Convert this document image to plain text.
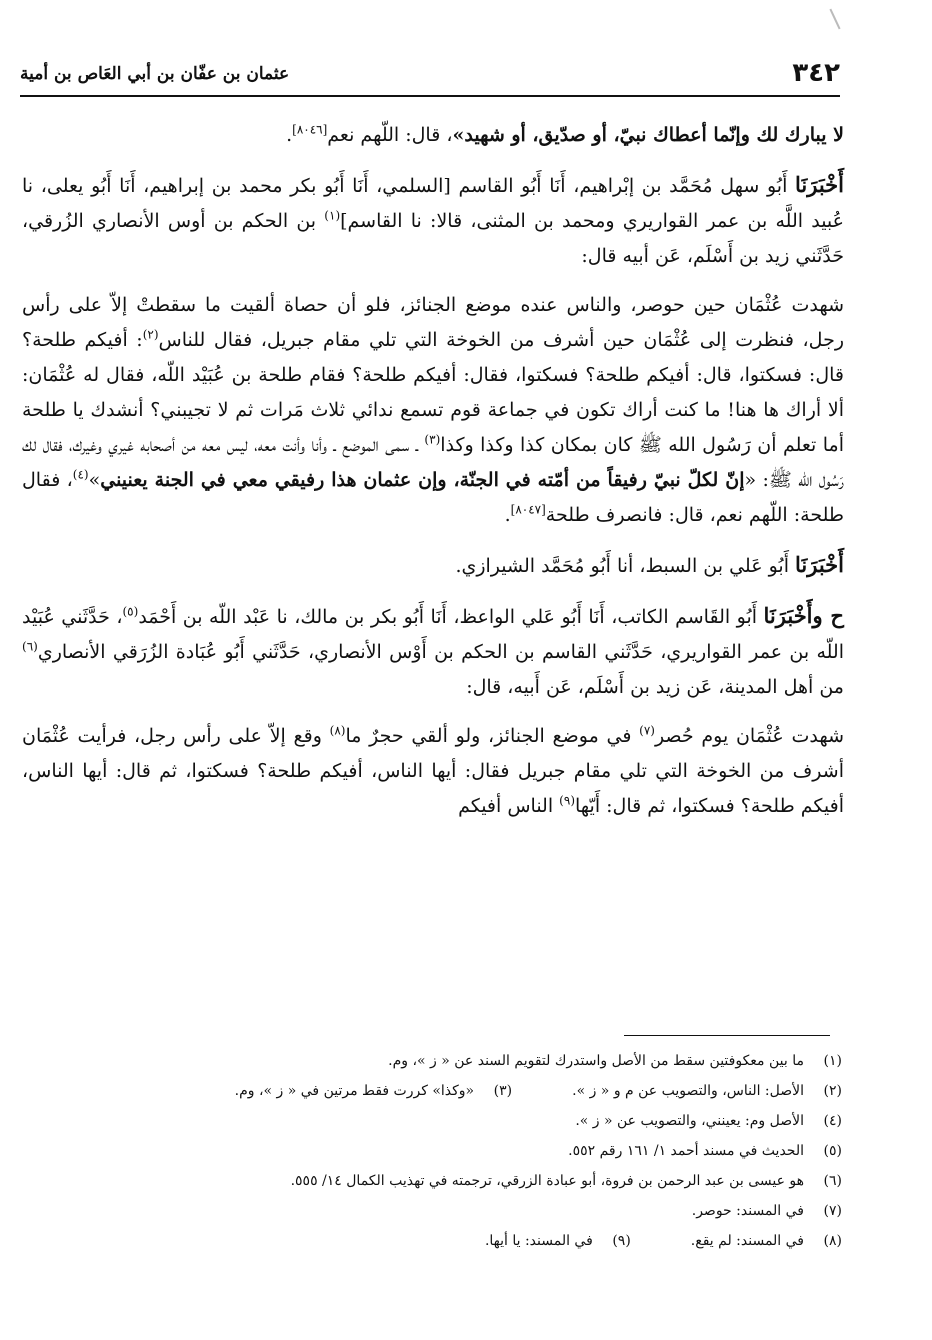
٣٤٢
عثمان بن عفّان بن أبي العَاص بن أمية

لا يبارك لك وإنّما أعطاك نبيّ، أو صدّيق، أو شهيد»، قال: اللّهم نعم[٨٠٤٦].

أَخْبَرَنَا أَبُو سهل مُحَمَّد بن إبْراهيم، أَنَا أَبُو القاسم [السلمي، أَنَا أَبُو بكر محمد بن إبراهيم، أَنَا أَبُو يعلى، نا عُبيد اللَّه بن عمر القواريري ومحمد بن المثنى، قالا: نا القاسم]$^{(١)}$ بن الحكم بن أوس الأنصاري الزُرقي، حَدَّثَني زيد بن أَسْلَم، عَن أبيه قال:

شهدت عُثْمَان حين حوصر، والناس عنده موضع الجنائز، فلو أن حصاة ألقيت ما سقطتْ إلاّ على رأس رجل، فنظرت إلى عُثْمَان حين أشرف من الخوخة التي تلي مقام جبريل، فقال للناس$^{(٢)}$: أفيكم طلحة؟ قال: فسكتوا، قال: أفيكم طلحة؟ فسكتوا، فقال: أفيكم طلحة؟ فقام طلحة بن عُبَيْد اللّه، فقال له عُثْمَان: ألا أراك ها هنا! ما كنت أراك تكون في جماعة قوم تسمع ندائي ثلاث مَرات ثم لا تجيبني؟ أنشدك يا طلحة أما تعلم أن رَسُول الله ﷺ كان بمكان كذا وكذا وكذا$^{(٣)}$ ـ سمى الموضع ـ وأنا وأنت معه، ليس معه من أصحابه غيري وغيرك، فقال لك رَسُول الله ﷺ: «إنّ لكلّ نبيّ رفيقاً من أمّته في الجنّة، وإن عثمان هذا رفيقي معي في الجنة يعنيني»$^{(٤)}$، فقال طلحة: اللّهم نعم، قال: فانصرف طلحة[٨٠٤٧].

أَخْبَرَنَا أَبُو عَلي بن السبط، أنا أَبُو مُحَمَّد الشيرازي.

ح وأَخْبَرَنَا أَبُو القَاسم الكاتب، أَنَا أَبُو عَلي الواعظ، أَنَا أَبُو بكر بن مالك، نا عَبْد اللّه بن أَحْمَد$^{(٥)}$، حَدَّثَني عُبَيْد اللّه بن عمر القواريري، حَدَّثَني القاسم بن الحكم بن أَوْس الأنصاري، حَدَّثَني أَبُو عُبَادة الزُرَقي الأنصاري$^{(٦)}$ من أهل المدينة، عَن زيد بن أَسْلَم، عَن أَبيه، قال:

شهدت عُثْمَان يوم حُصر$^{(٧)}$ في موضع الجنائز، ولو ألقي حجرٌ ما$^{(٨)}$ وقع إلاّ على رأس رجل، فرأيت عُثْمَان أشرف من الخوخة التي تلي مقام جبريل فقال: أيها الناس، أفيكم طلحة؟ فسكتوا، ثم قال: أيها الناس، أفيكم طلحة؟ فسكتوا، ثم قال: أَيّها$^{(٩)}$ الناس أفيكم

(١)
ما بين معكوفتين سقط من الأصل واستدرك لتقويم السند عن « ز »، وم.
(٢)
الأصل: الناس، والتصويب عن م و « ز ».
(٣)
«وكذا» كررت فقط مرتين في « ز »، وم.
(٤)
الأصل وم: يعينني، والتصويب عن « ز ».
(٥)
الحديث في مسند أحمد ١/ ١٦١ رقم ٥٥٢.
(٦)
هو عيسى بن عبد الرحمن بن فروة، أبو عبادة الزرقي، ترجمته في تهذيب الكمال ١٤/ ٥٥٥.
(٧)
في المسند: حوصر.
(٨)
في المسند: لم يقع.
(٩)
في المسند: يا أيها.
